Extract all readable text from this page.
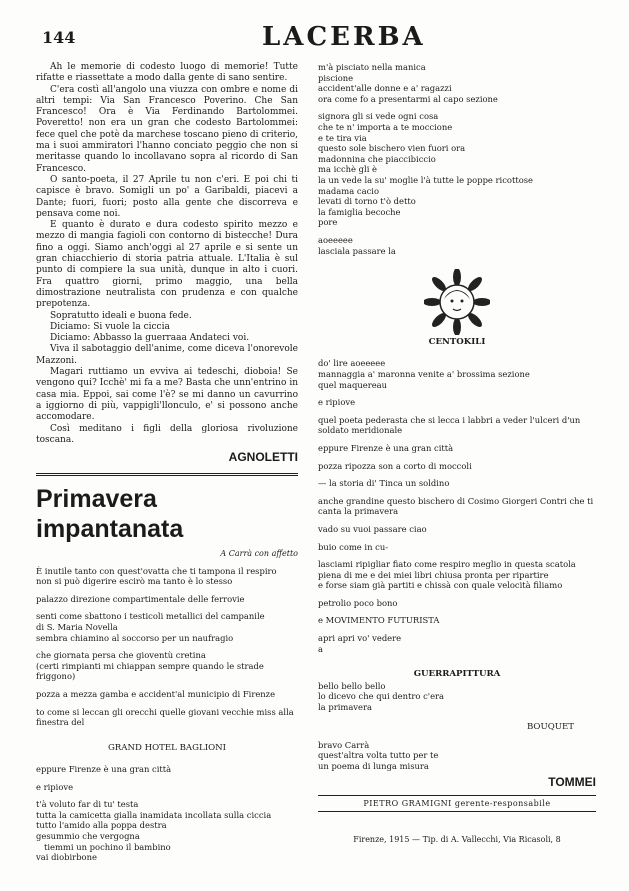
144	LACERBA

Ah le memorie di codesto luogo di memorie! Tutte rifatte e riassettate a modo dalla gente di sano sentire.

C'era costì all'angolo una viuzza con ombre e nome di altri tempi: Via San Francesco Poverino. Che San Francesco! Ora è Via Ferdinando Bartolommei. Poveretto! non era un gran che codesto Bartolommei: fece quel che potè da marchese toscano pieno di criterio, ma i suoi ammiratori l'hanno conciato peggio che non si meritasse quando lo incollavano sopra al ricordo di San Francesco.

O santo-poeta, il 27 Aprile tu non c'eri. E poi chi ti capisce è bravo. Somigli un po' a Garibaldi, piacevi a Dante; fuori, fuori; posto alla gente che discorreva e pensava come noi.

E quanto è durato e dura codesto spirito mezzo e mezzo di mangia fagioli con contorno di bistecche! Dura fino a oggi. Siamo anch'oggi al 27 aprile e si sente un gran chiacchierio di storia patria attuale. L'Italia è sul punto di compiere la sua unità, dunque in alto i cuori. Fra quattro giorni, primo maggio, una bella dimostrazione neutralista con prudenza e con qualche prepotenza.

Sopratutto ideali e buona fede.

Diciamo: Si vuole la ciccia

Diciamo: Abbasso la guerraaa Andateci voi.

Viva il sabotaggio dell'anime, come diceva l'onorevole Mazzoni.

Magari ruttiamo un evviva ai tedeschi, dioboia! Se vengono qui? Icchè' mi fa a me? Basta che unn'entrino in casa mia. Eppoi, sai come l'è? se mi danno un cavurrino a iggiorno di più, vappigli'llonculo, e' si possono anche accomodare.

Così meditano i figli della gloriosa rivoluzione toscana.

AGNOLETTI
Primavera impantanata
A Carrà con affetto
È inutile tanto con quest'ovatta che ti tampona il respiro
non si può digerire escirò ma tanto è lo stesso
palazzo direzione compartimentale delle ferrovie
senti come sbattono i testicoli metallici del campanile
di S. Maria Novella
sembra chiamino al soccorso per un naufragio
che giornata persa che gioventù cretina
(certi rimpianti mi chiappan sempre quando le strade
friggono)
pozza a mezza gamba e accident'al municipio di Firenze
to come si leccan gli orecchi quelle giovani vecchie miss alla
finestra del
GRAND HOTEL BAGLIONI
eppure Firenze è una gran città
e ripiove
t'à voluto far di tu' testa
tutta la camicetta gialla inamidata incollata sulla ciccia
tutto l'amido alla poppa destra
gesummio che vergogna
tiemmi un pochino il bambino
vai diobirbone
m'à pisciato nella manica
piscione
accident'alle donne e a' ragazzi
ora come fo a presentarmi al capo sezione
signora gli si vede ogni cosa
che te n' importa a te moccione
e te tira via
questo sole bischero vien fuori ora
madonnina che piaccibiccio
ma icchè gli è
la un vede la su' moglie l'à tutte le poppe ricottose
madama cacio
levati di torno t'ò detto
la famiglia becoche
pore
aoeeeee
lasciala passare la
CENTOKILI
do' lire aoeeeee
mannaggia a' maronna venite a' brossima sezione
quel maquereau
e ripiove
quel poeta pederasta che si lecca i labbri a veder l'ulceri d'un
soldato meridionale
eppure Firenze è una gran città
pozza ripozza son a corto di moccoli
— la storia di' Tinca un soldino
anche grandine questo bischero di Cosimo Giorgeri Contri che ti
canta la primavera
vado su vuoi passare ciao
buio come in cu-
lasciami ripigliar fiato come respiro meglio in questa scatola
piena di me e dei miei libri chiusa pronta per ripartire
e forse siam già partiti e chissà con quale velocità filiamo
petrolio poco bono
e MOVIMENTO FUTURISTA
apri apri vo' vedere
a
GUERRAPITTURA
bello bello bello
lo dicevo che qui dentro c'era
la primavera
BOUQUET
bravo Carrà
quest'altra volta tutto per te
un poema di lunga misura
TOMMEI
PIETRO GRAMIGNI gerente-responsabile
Firenze, 1915 — Tip. di A. Vallecchi, Via Ricasoli, 8
